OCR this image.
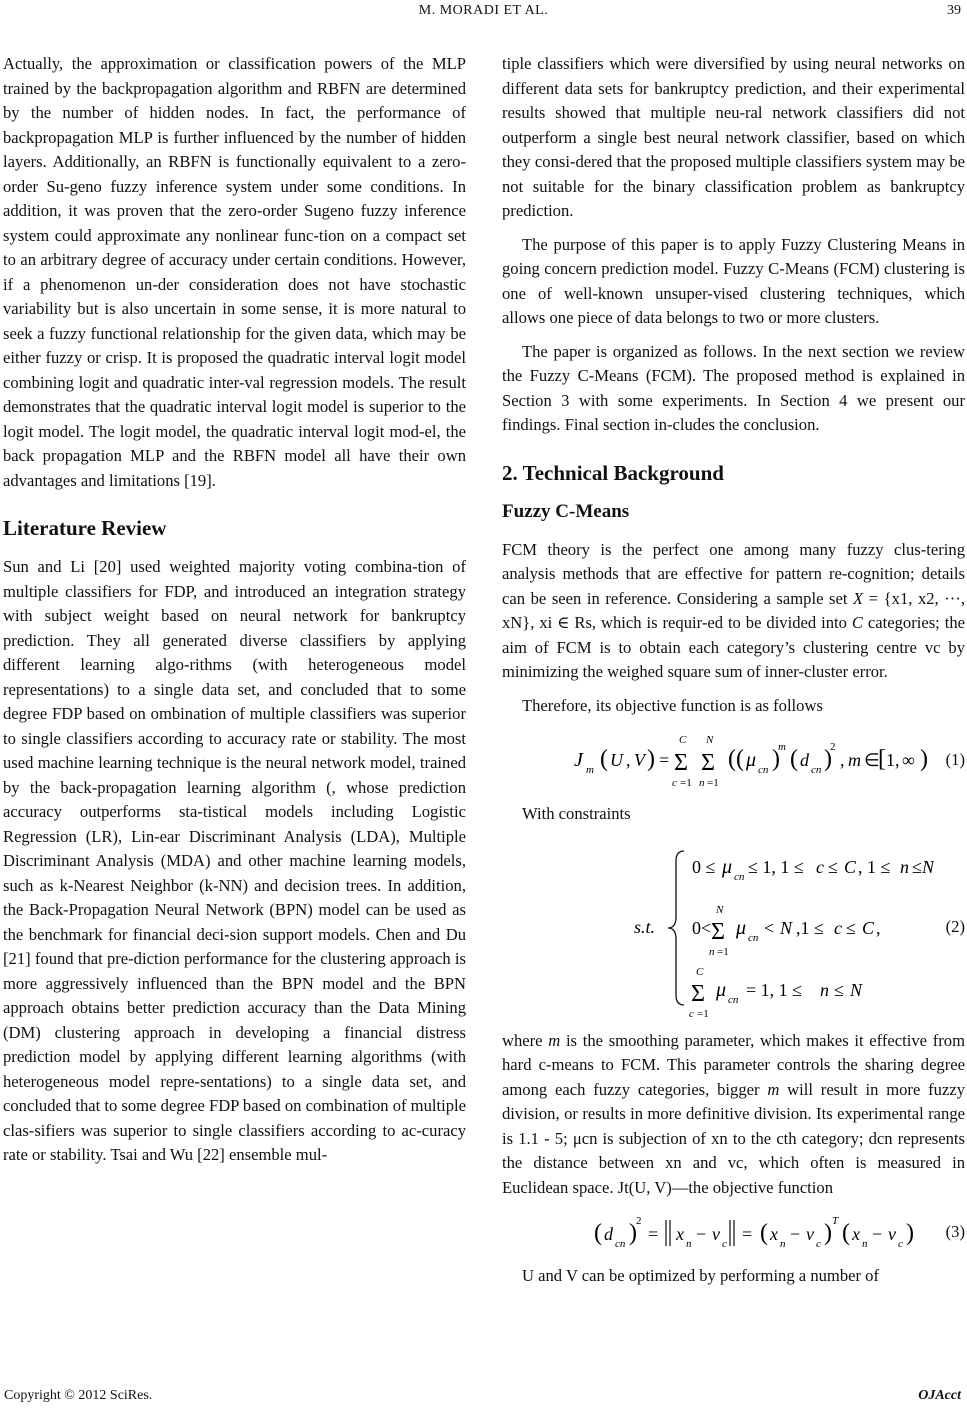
M. MORADI ET AL.	39

Actually, the approximation or classification powers of the MLP trained by the backpropagation algorithm and RBFN are determined by the number of hidden nodes. In fact, the performance of backpropagation MLP is further influenced by the number of hidden layers. Additionally, an RBFN is functionally equivalent to a zero-order Su-geno fuzzy inference system under some conditions. In addition, it was proven that the zero-order Sugeno fuzzy inference system could approximate any nonlinear func-tion on a compact set to an arbitrary degree of accuracy under certain conditions. However, if a phenomenon un-der consideration does not have stochastic variability but is also uncertain in some sense, it is more natural to seek a fuzzy functional relationship for the given data, which may be either fuzzy or crisp. It is proposed the quadratic interval logit model combining logit and quadratic inter-val regression models. The result demonstrates that the quadratic interval logit model is superior to the logit model. The logit model, the quadratic interval logit mod-el, the back propagation MLP and the RBFN model all have their own advantages and limitations [19].

Literature Review

Sun and Li [20] used weighted majority voting combina-tion of multiple classifiers for FDP, and introduced an integration strategy with subject weight based on neural network for bankruptcy prediction. They all generated diverse classifiers by applying different learning algo-rithms (with heterogeneous model representations) to a single data set, and concluded that to some degree FDP based on ombination of multiple classifiers was superior to single classifiers according to accuracy rate or stability. The most used machine learning technique is the neural network model, trained by the back-propagation learning algorithm (, whose prediction accuracy outperforms sta-tistical models including Logistic Regression (LR), Lin-ear Discriminant Analysis (LDA), Multiple Discriminant Analysis (MDA) and other machine learning models, such as k-Nearest Neighbor (k-NN) and decision trees. In addition, the Back-Propagation Neural Network (BPN) model can be used as the benchmark for financial deci-sion support models. Chen and Du [21] found that pre-diction performance for the clustering approach is more aggressively influenced than the BPN model and the BPN approach obtains better prediction accuracy than the Data Mining (DM) clustering approach in developing a financial distress prediction model by applying different learning algorithms (with heterogeneous model repre-sentations) to a single data set, and concluded that to some degree FDP based on combination of multiple clas-sifiers was superior to single classifiers according to ac-curacy rate or stability. Tsai and Wu [22] ensemble mul-

tiple classifiers which were diversified by using neural networks on different data sets for bankruptcy prediction, and their experimental results showed that multiple neu-ral network classifiers did not outperform a single best neural network classifier, based on which they consi-dered that the proposed multiple classifiers system may be not suitable for the binary classification problem as bankruptcy prediction.

The purpose of this paper is to apply Fuzzy Clustering Means in going concern prediction model. Fuzzy C-Means (FCM) clustering is one of well-known unsuper-vised clustering techniques, which allows one piece of data belongs to two or more clusters.

The paper is organized as follows. In the next section we review the Fuzzy C-Means (FCM). The proposed method is explained in Section 3 with some experiments. In Section 4 we present our findings. Final section in-cludes the conclusion.

2. Technical Background
Fuzzy C-Means

FCM theory is the perfect one among many fuzzy clus-tering analysis methods that are effective for pattern re-cognition; details can be seen in reference. Considering a sample set X = {x1, x2, ···, xN}, xi ∈ Rs, which is requir-ed to be divided into C categories; the aim of FCM is to obtain each category’s clustering centre vc by minimizing the weighed square sum of inner-cluster error.

Therefore, its objective function is as follows

J m ( U , V ) =
C
Σ
c =1
N
Σ
n =1
( ( μ cn )
m ( d cn )
2
, m ∈
[ 1, ∞ ) (1)

With constraints

s.t.
0 ≤ μ cn ≤ 1, 1 ≤ c ≤ C , 1 ≤ n ≤ N
0<
N
Σ
n =1
μ cn < N ,1 ≤ c ≤ C ,
C
Σ
c =1
μ cn = 1, 1 ≤ n ≤ N
(2)

where m is the smoothing parameter, which makes it effective from hard c-means to FCM. This parameter controls the sharing degree among each fuzzy categories, bigger m will result in more fuzzy division, or results in more definitive division. Its experimental range is 1.1 - 5; μcn is subjection of xn to the cth category; dcn represents the distance between xn and vc, which often is measured in Euclidean space. Jt(U, V)—the objective function

( d cn ) 2
= x n − v c = ( x n − v c ) T ( x n − v c ) (3)

U and V can be optimized by performing a number of

Copyright © 2012 SciRes.	OJAcct
